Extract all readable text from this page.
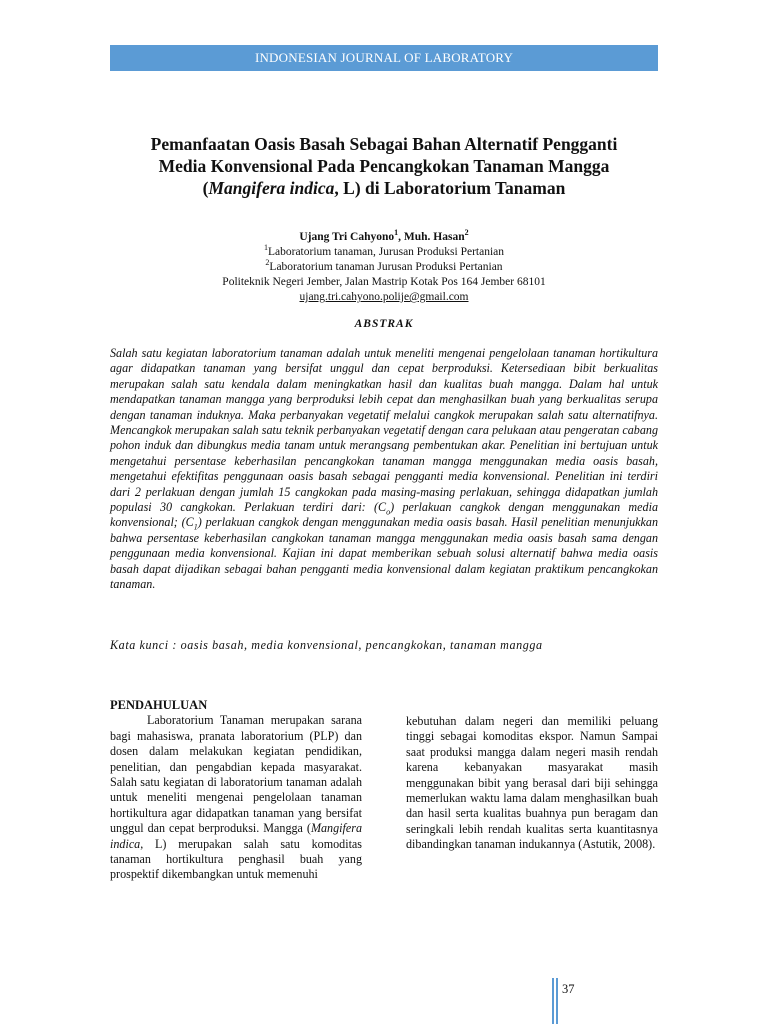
INDONESIAN JOURNAL OF LABORATORY
Pemanfaatan Oasis Basah Sebagai Bahan Alternatif Pengganti
Media Konvensional Pada Pencangkokan Tanaman Mangga
(Mangifera indica, L) di Laboratorium Tanaman
Ujang Tri Cahyono$^1$, Muh. Hasan$^2$
$^1$Laboratorium tanaman, Jurusan Produksi Pertanian
$^2$Laboratorium tanaman Jurusan Produksi Pertanian
Politeknik Negeri Jember, Jalan Mastrip Kotak Pos 164 Jember 68101
ujang.tri.cahyono.polije@gmail.com
ABSTRAK

Salah satu kegiatan laboratorium tanaman adalah untuk meneliti mengenai pengelolaan tanaman hortikultura agar didapatkan tanaman yang bersifat unggul dan cepat berproduksi. Ketersediaan bibit berkualitas merupakan salah satu kendala dalam meningkatkan hasil dan kualitas buah mangga. Dalam hal untuk mendapatkan tanaman mangga yang berproduksi lebih cepat dan menghasilkan buah yang berkualitas serupa dengan tanaman induknya. Maka perbanyakan vegetatif melalui cangkok merupakan salah satu alternatifnya. Mencangkok merupakan salah satu teknik perbanyakan vegetatif dengan cara pelukaan atau pengeratan cabang pohon induk dan dibungkus media tanam untuk merangsang pembentukan akar. Penelitian ini bertujuan untuk mengetahui persentase keberhasilan pencangkokan tanaman mangga menggunakan media oasis basah, mengetahui efektifitas penggunaan oasis basah sebagai pengganti media konvensional. Penelitian ini terdiri dari 2 perlakuan dengan jumlah 15 cangkokan pada masing-masing perlakuan, sehingga didapatkan jumlah populasi 30 cangkokan. Perlakuan terdiri dari: $(C_o)$ perlakuan cangkok dengan menggunakan media konvensional; $(C_1)$ perlakuan cangkok dengan menggunakan media oasis basah. Hasil penelitian menunjukkan bahwa persentase keberhasilan cangkokan tanaman mangga menggunakan media oasis basah sama dengan penggunaan media konvensional. Kajian ini dapat memberikan sebuah solusi alternatif bahwa media oasis basah dapat dijadikan sebagai bahan pengganti media konvensional dalam kegiatan praktikum pencangkokan tanaman.

Kata kunci : oasis basah, media konvensional, pencangkokan, tanaman mangga

PENDAHULUAN

Laboratorium Tanaman merupakan sarana bagi mahasiswa, pranata laboratorium (PLP) dan dosen dalam melakukan kegiatan pendidikan, penelitian, dan pengabdian kepada masyarakat. Salah satu kegiatan di laboratorium tanaman adalah untuk meneliti mengenai pengelolaan tanaman hortikultura agar didapatkan tanaman yang bersifat unggul dan cepat berproduksi. Mangga (Mangifera indica, L) merupakan salah satu komoditas tanaman hortikultura penghasil buah yang prospektif dikembangkan untuk memenuhi

kebutuhan dalam negeri dan memiliki peluang tinggi sebagai komoditas ekspor. Namun Sampai saat produksi mangga dalam negeri masih rendah karena kebanyakan masyarakat masih menggunakan bibit yang berasal dari biji sehingga memerlukan waktu lama dalam menghasilkan buah dan hasil serta kualitas buahnya pun beragam dan seringkali lebih rendah kualitas serta kuantitasnya dibandingkan tanaman indukannya (Astutik, 2008).

37
